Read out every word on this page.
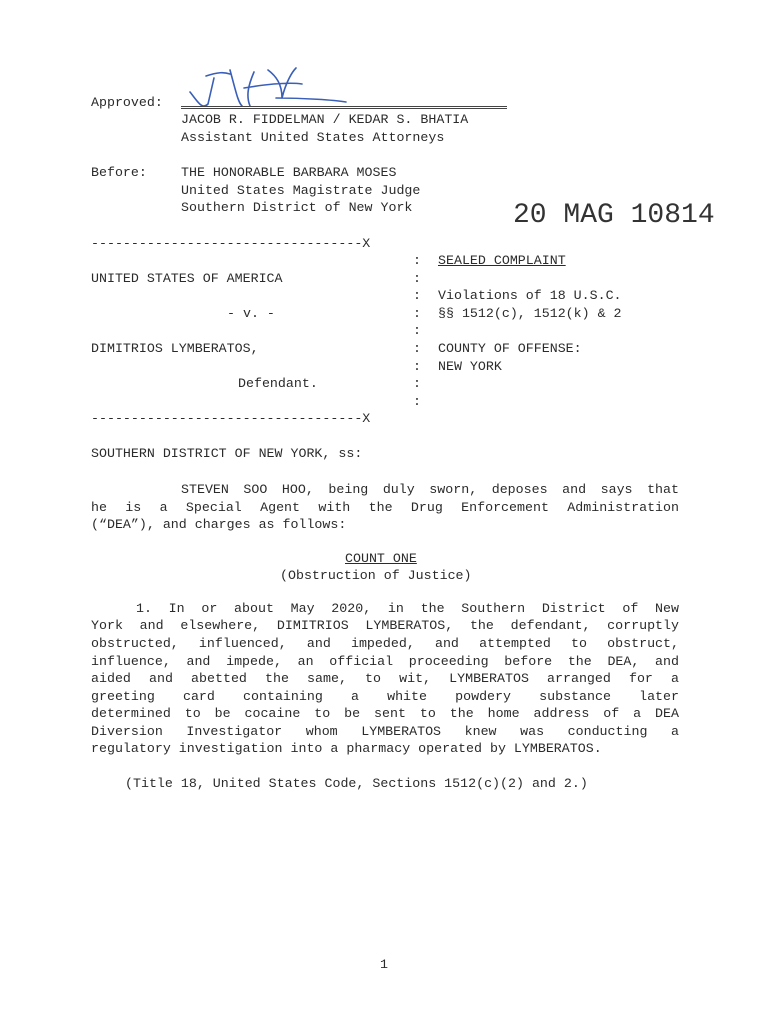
Approved:
JACOB R. FIDDELMAN / KEDAR S. BHATIA
Assistant United States Attorneys
Before:	THE HONORABLE BARBARA MOSES
United States Magistrate Judge
Southern District of New York	20 MAG 10814
----------------------------------X
:
:
:
:
:
:
:
:
:
UNITED STATES OF AMERICA
- v. -
DIMITRIOS LYMBERATOS,
Defendant.
SEALED COMPLAINT
Violations of 18 U.S.C.
§§ 1512(c), 1512(k) & 2
COUNTY OF OFFENSE:
NEW YORK
----------------------------------X
SOUTHERN DISTRICT OF NEW YORK, ss:
STEVEN SOO HOO, being duly sworn, deposes and says that
he is a Special Agent with the Drug Enforcement Administration
(“DEA”), and charges as follows:
COUNT ONE
(Obstruction of Justice)
1. In or about May 2020, in the Southern District of New
York and elsewhere, DIMITRIOS LYMBERATOS, the defendant, corruptly
obstructed, influenced, and impeded, and attempted to obstruct,
influence, and impede, an official proceeding before the DEA, and
aided and abetted the same, to wit, LYMBERATOS arranged for a
greeting card containing a white powdery substance later
determined to be cocaine to be sent to the home address of a DEA
Diversion Investigator whom LYMBERATOS knew was conducting a
regulatory investigation into a pharmacy operated by LYMBERATOS.
(Title 18, United States Code, Sections 1512(c)(2) and 2.)
1
